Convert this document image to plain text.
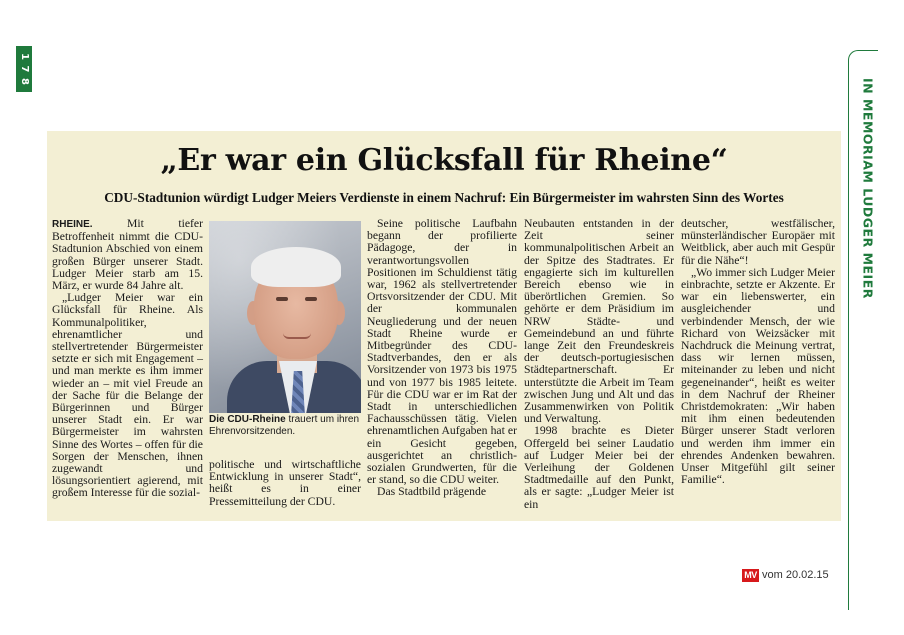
1 7 8
IN MEMORIAM LUDGER MEIER
„Er war ein Glücksfall für Rheine“
CDU-Stadtunion würdigt Ludger Meiers Verdienste in einem Nachruf: Ein Bürgermeister im wahrsten Sinn des Wortes

RHEINE. Mit tiefer Betroffenheit nimmt die CDU-Stadtunion Abschied von einem großen Bürger unserer Stadt. Ludger Meier starb am 15. März, er wurde 84 Jahre alt.

„Ludger Meier war ein Glücksfall für Rheine. Als Kommunalpolitiker, ehrenamtlicher und stellvertretender Bürgermeister setzte er sich mit Engagement – und man merkte es ihm immer wieder an – mit viel Freude an der Sache für die Belange der Bürgerinnen und Bürger unserer Stadt ein. Er war Bürgermeister im wahrsten Sinne des Wortes – offen für die Sorgen der Menschen, ihnen zugewandt und lösungsorientiert agierend, mit großem Interesse für die sozial-

Die CDU-Rheine trauert um ihren Ehrenvorsitzenden.

politische und wirtschaftliche Entwicklung in unserer Stadt“, heißt es in einer Pressemitteilung der CDU.

Seine politische Laufbahn begann der profilierte Pädagoge, der in verantwortungsvollen Positionen im Schuldienst tätig war, 1962 als stellvertretender Ortsvorsitzender der CDU. Mit der kommunalen Neugliederung und der neuen Stadt Rheine wurde er Mitbegründer des CDU-Stadtverbandes, den er als Vorsitzender von 1973 bis 1975 und von 1977 bis 1985 leitete. Für die CDU war er im Rat der Stadt in unterschiedlichen Fachausschüssen tätig. Vielen ehrenamtlichen Aufgaben hat er ein Gesicht gegeben, ausgerichtet an christlich-sozialen Grundwerten, für die er stand, so die CDU weiter.

Das Stadtbild prägende

Neubauten entstanden in der Zeit seiner kommunalpolitischen Arbeit an der Spitze des Stadtrates. Er engagierte sich im kulturellen Bereich ebenso wie in überörtlichen Gremien. So gehörte er dem Präsidium im NRW Städte- und Gemeindebund an und führte lange Zeit den Freundeskreis der deutsch-portugiesischen Städtepartnerschaft. Er unterstützte die Arbeit im Team zwischen Jung und Alt und das Zusammenwirken von Politik und Verwaltung.

1998 brachte es Dieter Offergeld bei seiner Laudatio auf Ludger Meier bei der Verleihung der Goldenen Stadtmedaille auf den Punkt, als er sagte: „Ludger Meier ist ein

deutscher, westfälischer, münsterländischer Europäer mit Weitblick, aber auch mit Gespür für die Nähe“!

„Wo immer sich Ludger Meier einbrachte, setzte er Akzente. Er war ein liebenswerter, ein ausgleichender und verbindender Mensch, der wie Richard von Weizsäcker mit Nachdruck die Meinung vertrat, dass wir lernen müssen, miteinander zu leben und nicht gegeneinander“, heißt es weiter in dem Nachruf der Rheiner Christdemokraten: „Wir haben mit ihm einen bedeutenden Bürger unserer Stadt verloren und werden ihm immer ein ehrendes Andenken bewahren. Unser Mitgefühl gilt seiner Familie“.

MV vom 20.02.15
